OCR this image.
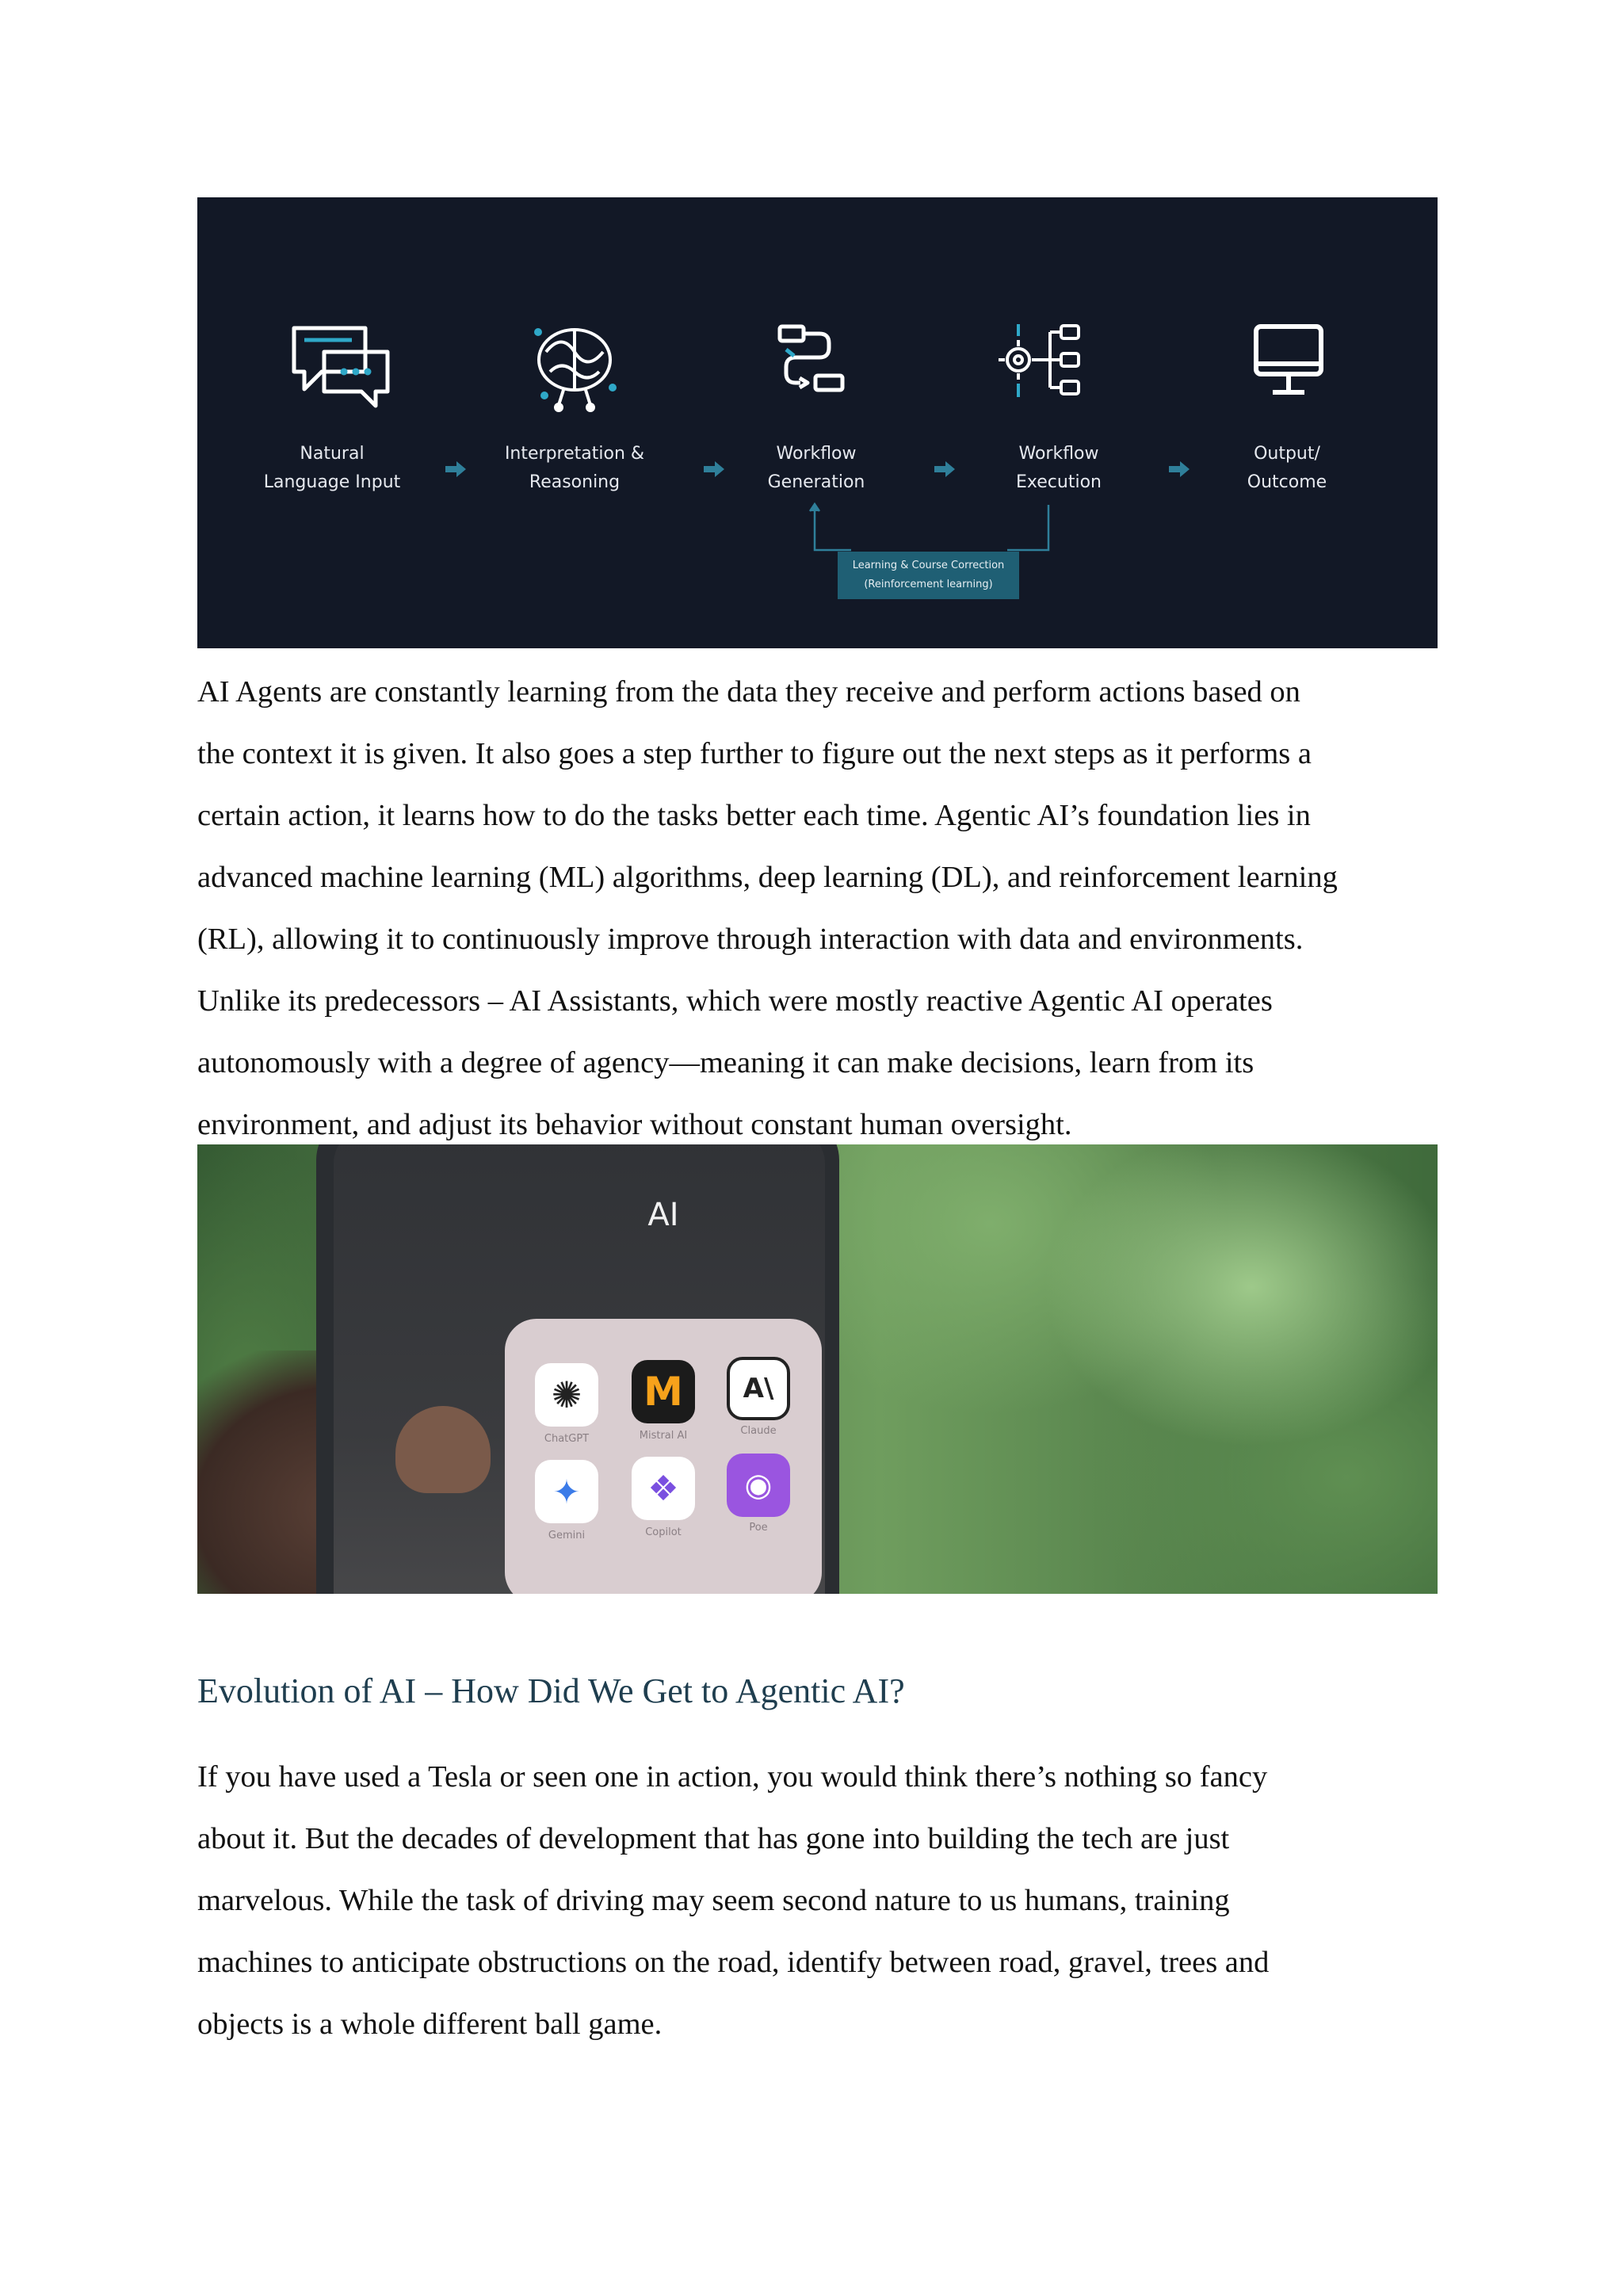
Natural
Language Input
Interpretation &
Reasoning
Workflow
Generation
Workflow
Execution
Output/
Outcome
Learning & Course Correction
(Reinforcement learning)

AI Agents are constantly learning from the data they receive and perform actions based on
the context it is given. It also goes a step further to figure out the next steps as it performs a
certain action, it learns how to do the tasks better each time. Agentic AI’s foundation lies in
advanced machine learning (ML) algorithms, deep learning (DL), and reinforcement learning
(RL), allowing it to continuously improve through interaction with data and environments.
Unlike its predecessors – AI Assistants, which were mostly reactive Agentic AI operates
autonomously with a degree of agency—meaning it can make decisions, learn from its
environment, and adjust its behavior without constant human oversight.

AI
✺
ChatGPT
M
Mistral AI
A\
Claude
✦
Gemini
❖
Copilot
◉
Poe
Evolution of AI – How Did We Get to Agentic AI?

If you have used a Tesla or seen one in action, you would think there’s nothing so fancy
about it. But the decades of development that has gone into building the tech are just
marvelous. While the task of driving may seem second nature to us humans, training
machines to anticipate obstructions on the road, identify between road, gravel, trees and
objects is a whole different ball game.
